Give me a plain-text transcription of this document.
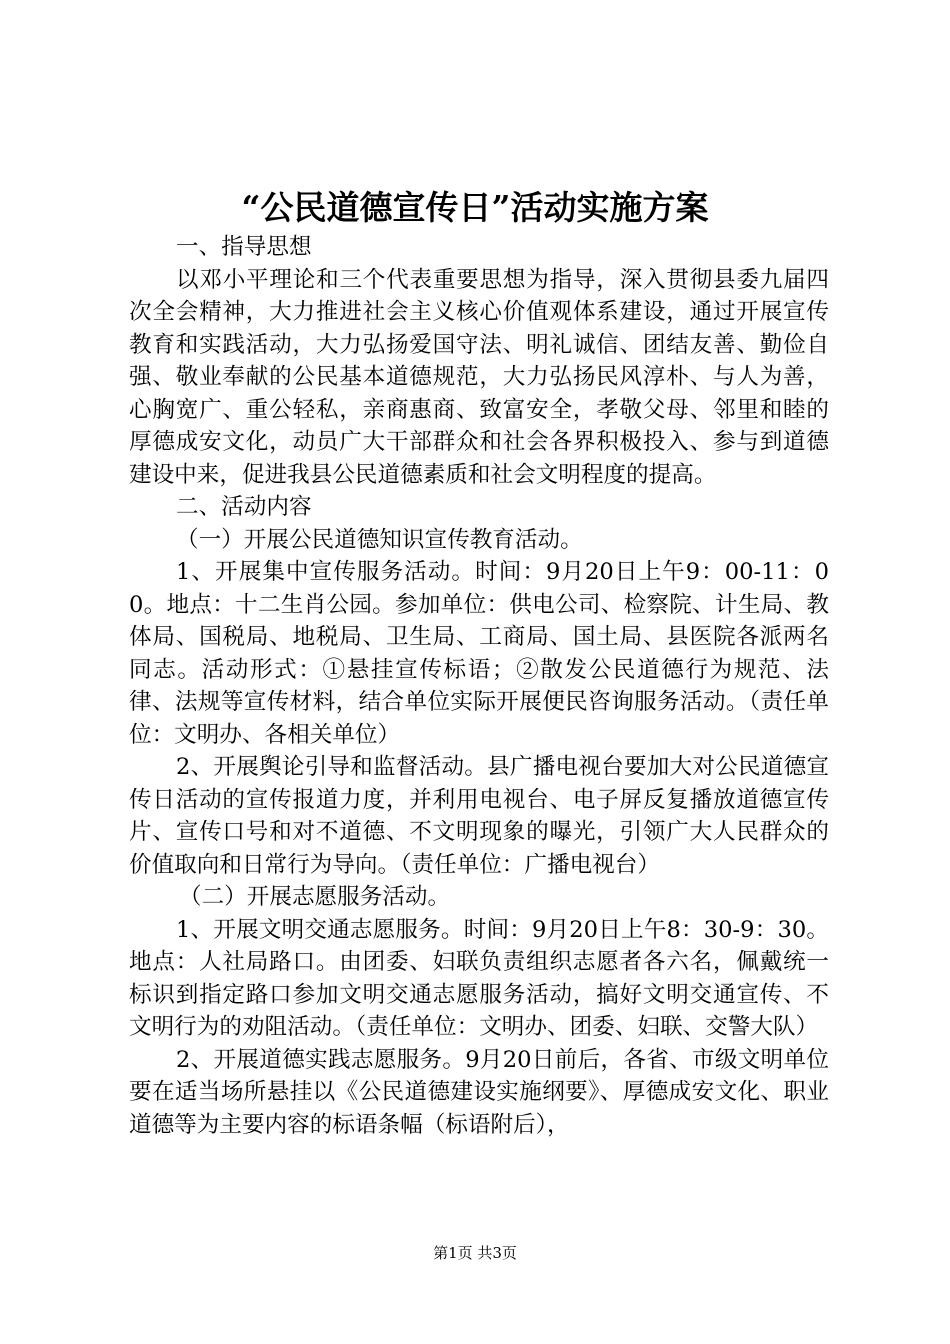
“公民道德宣传日”活动实施方案

一、指导思想

以邓小平理论和三个代表重要思想为指导，深入贯彻县委九届四次全会精神，大力推进社会主义核心价值观体系建设，通过开展宣传教育和实践活动，大力弘扬爱国守法、明礼诚信、团结友善、勤俭自强、敬业奉献的公民基本道德规范，大力弘扬民风淳朴、与人为善，心胸宽广、重公轻私，亲商惠商、致富安全，孝敬父母、邻里和睦的厚德成安文化，动员广大干部群众和社会各界积极投入、参与到道德建设中来，促进我县公民道德素质和社会文明程度的提高。

二、活动内容

（一）开展公民道德知识宣传教育活动。

1、开展集中宣传服务活动。时间：9月20日上午9：00-11：00。地点：十二生肖公园。参加单位：供电公司、检察院、计生局、教体局、国税局、地税局、卫生局、工商局、国土局、县医院各派两名同志。活动形式：①悬挂宣传标语；②散发公民道德行为规范、法律、法规等宣传材料，结合单位实际开展便民咨询服务活动。（责任单位：文明办、各相关单位）

2、开展舆论引导和监督活动。县广播电视台要加大对公民道德宣传日活动的宣传报道力度，并利用电视台、电子屏反复播放道德宣传片、宣传口号和对不道德、不文明现象的曝光，引领广大人民群众的价值取向和日常行为导向。（责任单位：广播电视台）

（二）开展志愿服务活动。

1、开展文明交通志愿服务。时间：9月20日上午8：30-9：30。地点：人社局路口。由团委、妇联负责组织志愿者各六名，佩戴统一标识到指定路口参加文明交通志愿服务活动，搞好文明交通宣传、不文明行为的劝阻活动。（责任单位：文明办、团委、妇联、交警大队）

2、开展道德实践志愿服务。9月20日前后，各省、市级文明单位要在适当场所悬挂以《公民道德建设实施纲要》、厚德成安文化、职业道德等为主要内容的标语条幅（标语附后），

第1页 共3页
